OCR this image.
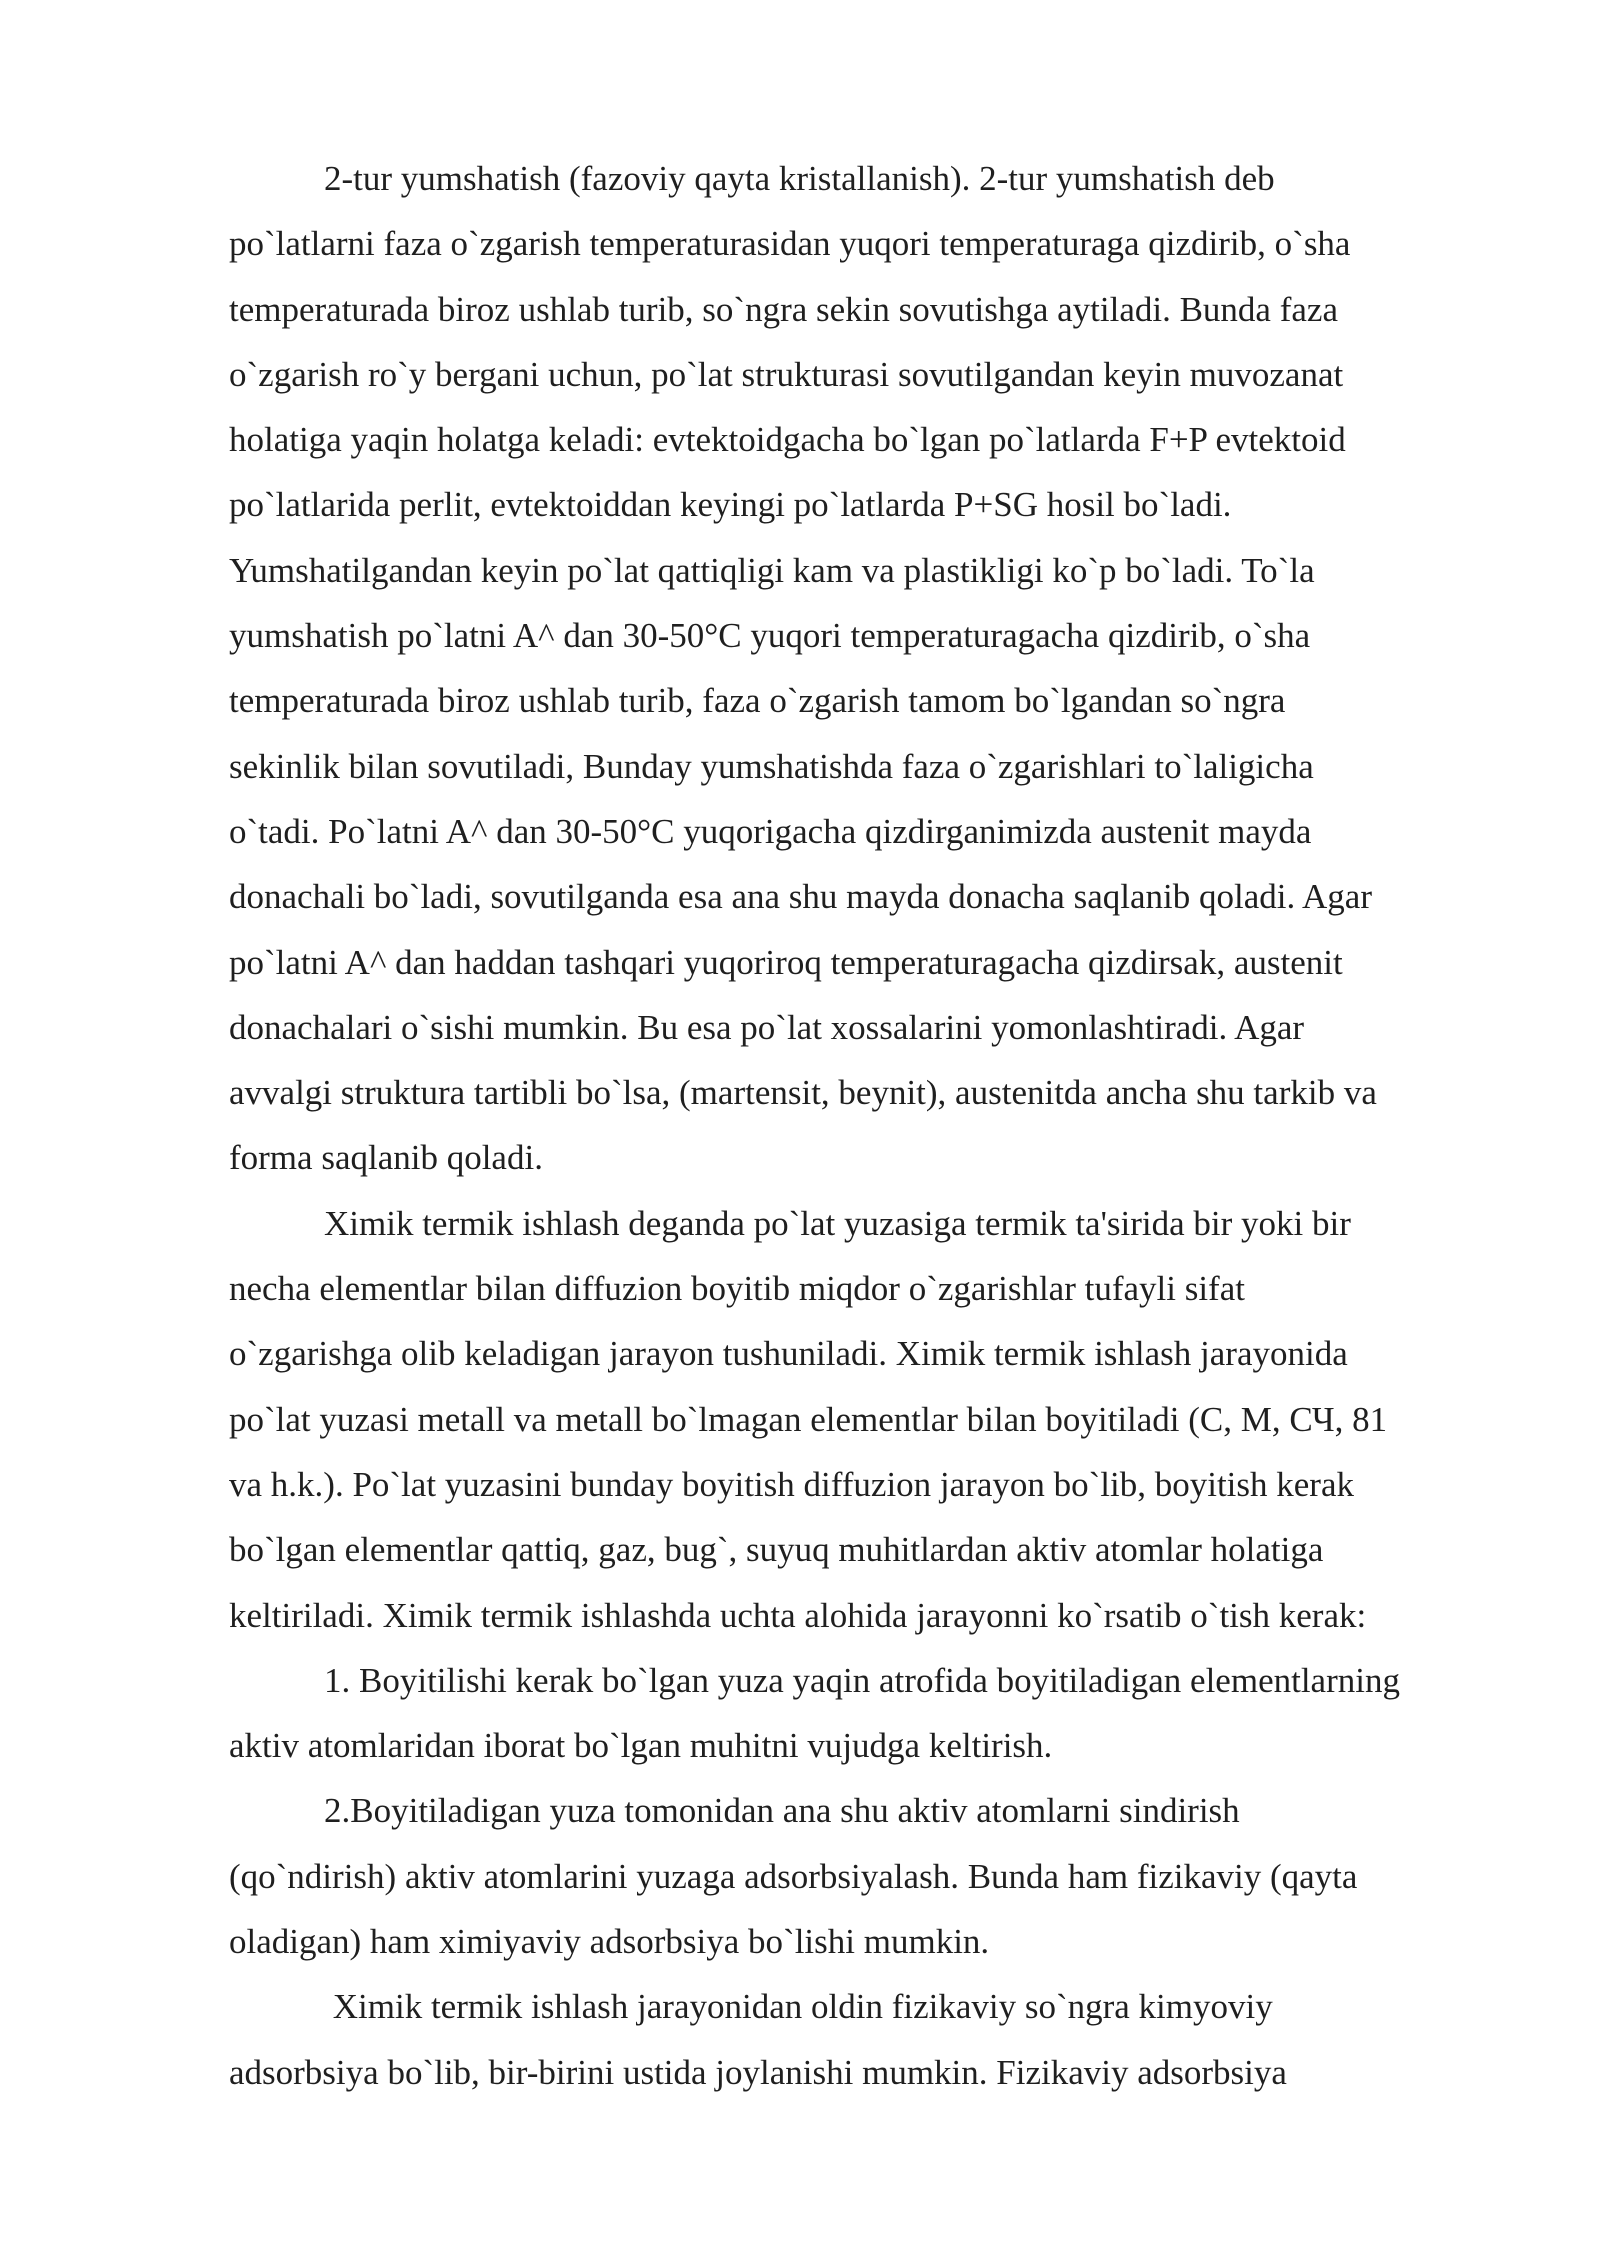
2-tur yumshatish (fazoviy qayta kristallanish). 2-tur yumshatish deb
po`latlarni faza o`zgarish temperaturasidan yuqori temperaturaga qizdirib, o`sha
temperaturada biroz ushlab turib, so`ngra sekin sovutishga aytiladi. Bunda faza
o`zgarish ro`y bergani uchun, po`lat strukturasi sovutilgandan keyin muvozanat
holatiga yaqin holatga keladi: evtektoidgacha bo`lgan po`latlarda F+P evtektoid
po`latlarida perlit, evtektoiddan keyingi po`latlarda P+SG hosil bo`ladi.
Yumshatilgandan keyin po`lat qattiqligi kam va plastikligi ko`p bo`ladi. To`la
yumshatish po`latni A^ dan 30-50°C yuqori temperaturagacha qizdirib, o`sha
temperaturada biroz ushlab turib, faza o`zgarish tamom bo`lgandan so`ngra
sekinlik bilan sovutiladi, Bunday yumshatishda faza o`zgarishlari to`laligicha
o`tadi. Po`latni A^ dan 30-50°C yuqorigacha qizdirganimizda austenit mayda
donachali bo`ladi, sovutilganda esa ana shu mayda donacha saqlanib qoladi. Agar
po`latni A^ dan haddan tashqari yuqoriroq temperaturagacha qizdirsak, austenit
donachalari o`sishi mumkin. Bu esa po`lat xossalarini yomonlashtiradi. Agar
avvalgi struktura tartibli bo`lsa, (martensit, beynit), austenitda ancha shu tarkib va
forma saqlanib qoladi.
Ximik termik ishlash deganda po`lat yuzasiga termik ta'sirida bir yoki bir
necha elementlar bilan diffuzion boyitib miqdor o`zgarishlar tufayli sifat
o`zgarishga olib keladigan jarayon tushuniladi. Ximik termik ishlash jarayonida
po`lat yuzasi metall va metall bo`lmagan elementlar bilan boyitiladi (C, M, СЧ, 81
va h.k.). Po`lat yuzasini bunday boyitish diffuzion jarayon bo`lib, boyitish kerak
bo`lgan elementlar qattiq, gaz, bug`, suyuq muhitlardan aktiv atomlar holatiga
keltiriladi. Ximik termik ishlashda uchta alohida jarayonni ko`rsatib o`tish kerak:
1. Boyitilishi kerak bo`lgan yuza yaqin atrofida boyitiladigan elementlarning
aktiv atomlaridan iborat bo`lgan muhitni vujudga keltirish.
2.Boyitiladigan yuza tomonidan ana shu aktiv atomlarni sindirish
(qo`ndirish) aktiv atomlarini yuzaga adsorbsiyalash. Bunda ham fizikaviy (qayta
oladigan) ham ximiyaviy adsorbsiya bo`lishi mumkin.
Ximik termik ishlash jarayonidan oldin fizikaviy so`ngra kimyoviy
adsorbsiya bo`lib, bir-birini ustida joylanishi mumkin. Fizikaviy adsorbsiya
